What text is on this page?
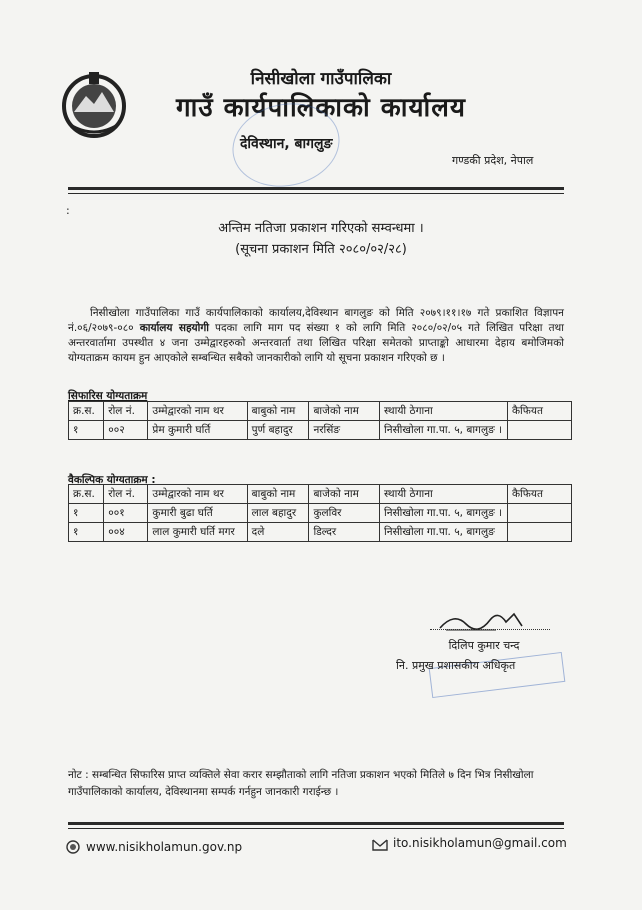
निसीखोला गाउँपालिका
गाउँ कार्यपालिकाको कार्यालय
देविस्थान, बागलुङ
गण्डकी प्रदेश, नेपाल
:
अन्तिम नतिजा प्रकाशन गरिएको सम्वन्धमा ।
(सूचना प्रकाशन मिति २०८०/०२/२८)

निसीखोला गाउँपालिका गाउँ कार्यपालिकाको कार्यालय,देविस्थान बागलुङ को मिति २०७९।११।१७ गते प्रकाशित विज्ञापन नं.०६/२०७९-०८० कार्यालय सहयोगी पदका लागि माग पद संख्या १ को लागि मिति २०८०/०२/०५ गते लिखित परिक्षा तथा अन्तरवार्तामा उपस्थीत ४ जना उम्मेद्वारहरुको अन्तरवार्ता तथा लिखित परिक्षा समेतको प्राप्ताङ्को आधारमा देहाय बमोजिमको योग्यताक्रम कायम हुन आएकोले सम्बन्धित सबैको जानकारीको लागि यो सूचना प्रकाशन गरिएको छ ।

सिफारिस योग्यताक्रम
क्र.स.	रोल नं.	उम्मेद्वारको नाम थर	बाबुको नाम	बाजेको नाम	स्थायी ठेगाना	कैफियत
१	००२	प्रेम कुमारी घर्ति	पुर्ण बहादुर	नरसिंङ	निसीखोला गा.पा. ५, बागलुङ ।	
वैकल्पिक योग्यताक्रम :
क्र.स.	रोल नं.	उम्मेद्वारको नाम थर	बाबुको नाम	बाजेको नाम	स्थायी ठेगाना	कैफियत
१	००१	कुमारी बुढा घर्ति	लाल बहादुर	कुलविर	निसीखोला गा.पा. ५, बागलुङ ।	
१	००४	लाल कुमारी घर्ति मगर	दले	डिल्दर	निसीखोला गा.पा. ५, बागलुङ	
दिलिप कुमार चन्द
नि. प्रमुख प्रशासकीय अधिकृत
नोट : सम्बन्धित सिफारिस प्राप्त व्यक्तिले सेवा करार सम्झौताको लागि नतिजा प्रकाशन भएको मितिले ७ दिन भित्र निसीखोला गाउँपालिकाको कार्यालय, देविस्थानमा सम्पर्क गर्नहुन जानकारी गराईन्छ ।
www.nisikholamun.gov.np	ito.nisikholamun@gmail.com
